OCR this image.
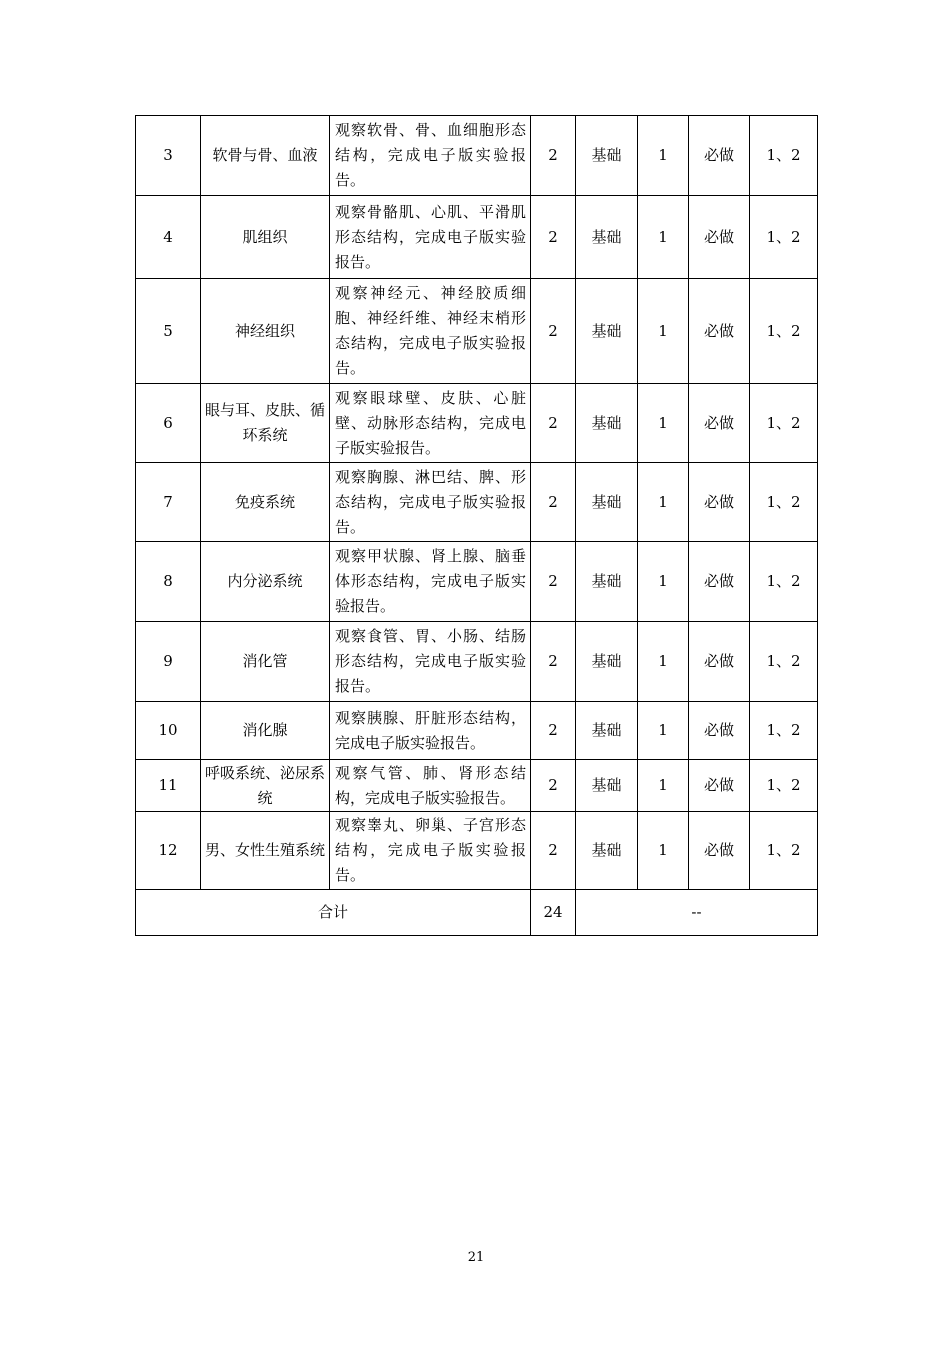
3	软骨与骨、血液	观察软骨、骨、血细胞形态结构，完成电子版实验报告。	2	基础	1	必做	1、2
4	肌组织	观察骨骼肌、心肌、平滑肌形态结构，完成电子版实验报告。	2	基础	1	必做	1、2
5	神经组织	观察神经元、神经胶质细胞、神经纤维、神经末梢形态结构，完成电子版实验报告。	2	基础	1	必做	1、2
6	眼与耳、皮肤、循环系统	观察眼球壁、皮肤、心脏壁、动脉形态结构，完成电子版实验报告。	2	基础	1	必做	1、2
7	免疫系统	观察胸腺、淋巴结、脾、形态结构，完成电子版实验报告。	2	基础	1	必做	1、2
8	内分泌系统	观察甲状腺、肾上腺、脑垂体形态结构，完成电子版实验报告。	2	基础	1	必做	1、2
9	消化管	观察食管、胃、小肠、结肠形态结构，完成电子版实验报告。	2	基础	1	必做	1、2
10	消化腺	观察胰腺、肝脏形态结构，完成电子版实验报告。	2	基础	1	必做	1、2
11	呼吸系统、泌尿系统	观察气管、肺、肾形态结构，完成电子版实验报告。	2	基础	1	必做	1、2
12	男、女性生殖系统	观察睾丸、卵巢、子宫形态结构，完成电子版实验报告。	2	基础	1	必做	1、2
合计			24	--			
21
